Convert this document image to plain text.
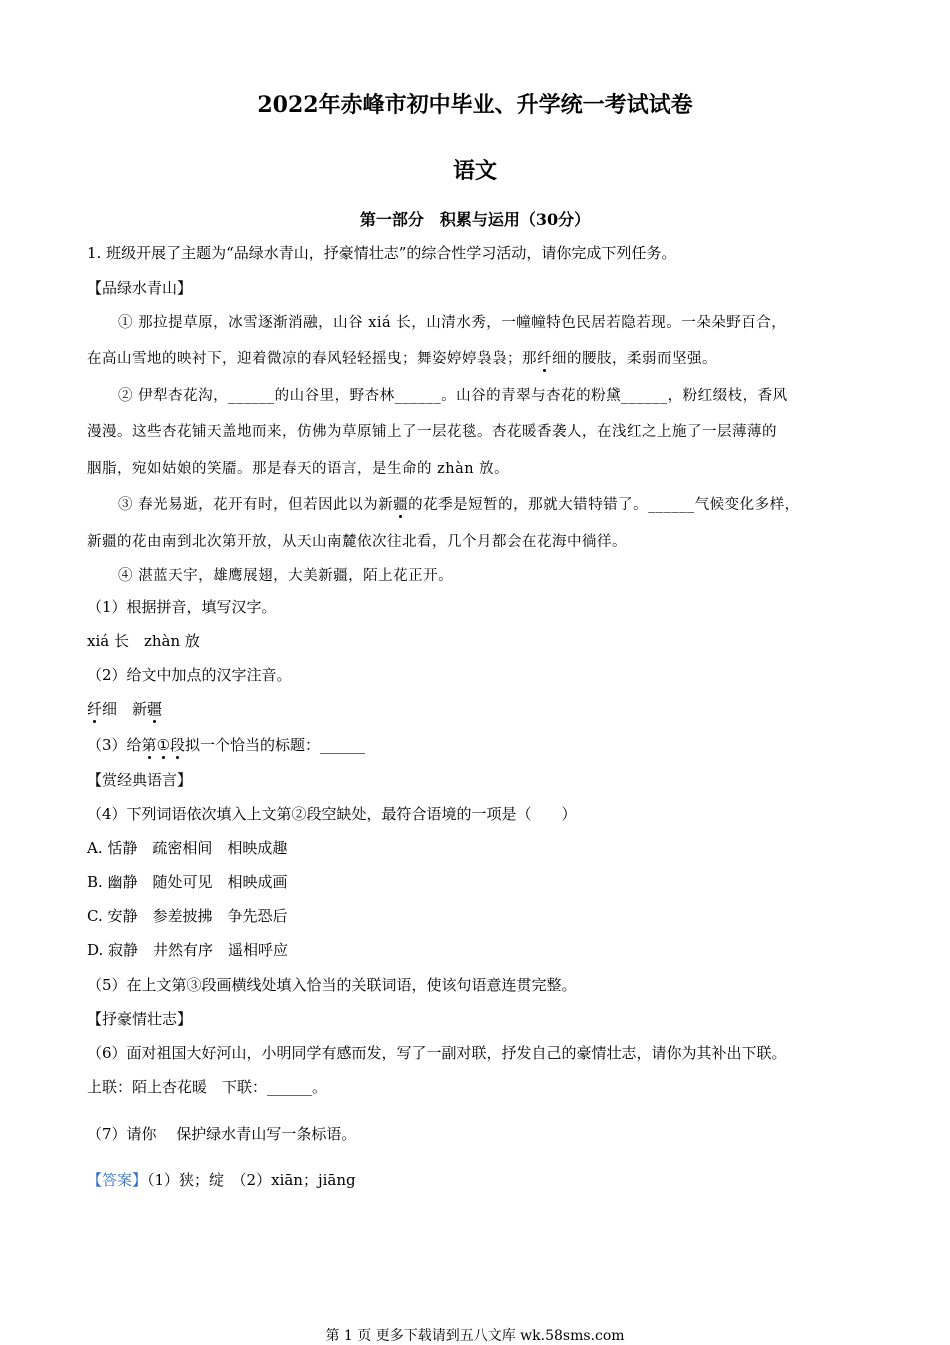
2022年赤峰市初中毕业、升学统一考试试卷
语文
第一部分　积累与运用（30分）
1. 班级开展了主题为“品绿水青山，抒豪情壮志”的综合性学习活动，请你完成下列任务。
【品绿水青山】
① 那拉提草原，冰雪逐渐消融，山谷 xiá 长，山清水秀，一幢幢特色民居若隐若现。一朵朵野百合，
在高山雪地的映衬下，迎着微凉的春风轻轻摇曳；舞姿婷婷袅袅；那纤细的腰肢，柔弱而坚强。
② 伊犁杏花沟，______的山谷里，野杏林______。山谷的青翠与杏花的粉黛______，粉红缀枝，香风
漫漫。这些杏花铺天盖地而来，仿佛为草原铺上了一层花毯。杏花暖香袭人，在浅红之上施了一层薄薄的
胭脂，宛如姑娘的笑靥。那是春天的语言，是生命的 zhàn 放。
③ 春光易逝，花开有时，但若因此以为新疆的花季是短暂的，那就大错特错了。______气候变化多样，
新疆的花由南到北次第开放，从天山南麓依次往北看，几个月都会在花海中徜徉。
④ 湛蓝天宇，雄鹰展翅，大美新疆，陌上花正开。
（1）根据拼音，填写汉字。
xiá 长　zhàn 放
（2）给文中加点的汉字注音。
纤细　新疆
（3）给第①段拟一个恰当的标题：______
【赏经典语言】
（4）下列词语依次填入上文第②段空缺处，最符合语境的一项是（　　）
A. 恬静　疏密相间　相映成趣
B. 幽静　随处可见　相映成画
C. 安静　参差披拂　争先恐后
D. 寂静　井然有序　遥相呼应
（5）在上文第③段画横线处填入恰当的关联词语，使该句语意连贯完整。
【抒豪情壮志】
（6）面对祖国大好河山，小明同学有感而发，写了一副对联，抒发自己的豪情壮志，请你为其补出下联。
上联：陌上杏花暖　下联：______。
（7）请你　 保护绿水青山写一条标语。
【答案】（1）狭；绽　（2）xiān；jiāng
第 1 页 更多下载请到五八文库 wk.58sms.com
